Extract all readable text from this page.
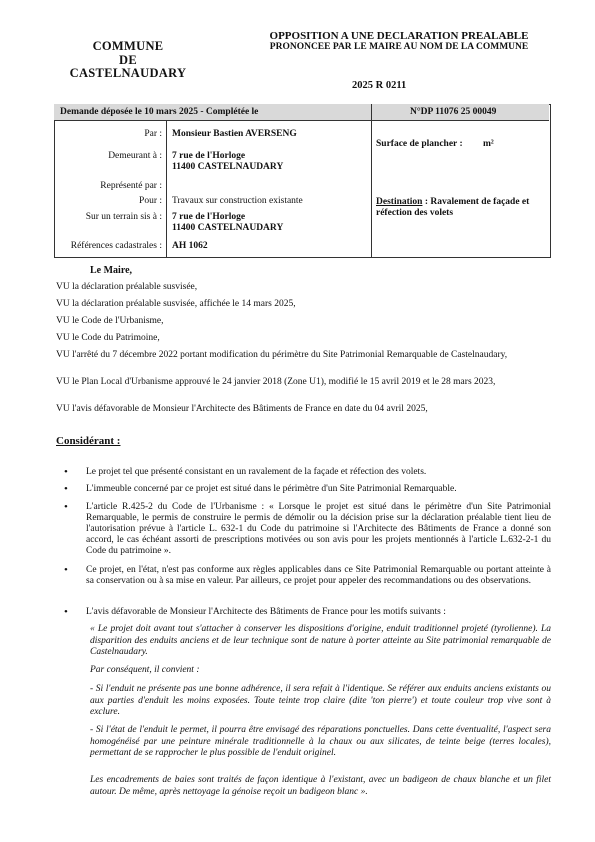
COMMUNE
DE
CASTELNAUDARY
OPPOSITION A UNE DECLARATION PREALABLE
PRONONCEE PAR LE MAIRE AU NOM DE LA COMMUNE
2025 R 0211
Demande déposée le 10 mars 2025 - Complétée le	N°DP 11076 25 00049
Par : Monsieur Bastien AVERSENG
Demeurant à : 7 rue de l'Horloge
11400 CASTELNAUDARY
Représenté par :
Pour : Travaux sur construction existante
Sur un terrain sis à : 7 rue de l'Horloge
11400 CASTELNAUDARY
Références cadastrales : AH 1062
Surface de plancher : m²
Destination : Ravalement de façade et réfection des volets
Le Maire,
VU la déclaration préalable susvisée,
VU la déclaration préalable susvisée, affichée le 14 mars 2025,
VU le Code de l'Urbanisme,
VU le Code du Patrimoine,
VU l'arrêté du 7 décembre 2022 portant modification du périmètre du Site Patrimonial Remarquable de Castelnaudary,
VU le Plan Local d'Urbanisme approuvé le 24 janvier 2018 (Zone U1), modifié le 15 avril 2019 et le 28 mars 2023,
VU l'avis défavorable de Monsieur l'Architecte des Bâtiments de France en date du 04 avril 2025,
Considérant :
• Le projet tel que présenté consistant en un ravalement de la façade et réfection des volets.
• L'immeuble concerné par ce projet est situé dans le périmètre d'un Site Patrimonial Remarquable.
• L'article R.425-2 du Code de l'Urbanisme : « Lorsque le projet est situé dans le périmètre d'un Site Patrimonial Remarquable, le permis de construire le permis de démolir ou la décision prise sur la déclaration préalable tient lieu de l'autorisation prévue à l'article L. 632-1 du Code du patrimoine si l'Architecte des Bâtiments de France a donné son accord, le cas échéant assorti de prescriptions motivées ou son avis pour les projets mentionnés à l'article L.632-2-1 du Code du patrimoine ».
• Ce projet, en l'état, n'est pas conforme aux règles applicables dans ce Site Patrimonial Remarquable ou portant atteinte à sa conservation ou à sa mise en valeur. Par ailleurs, ce projet pour appeler des recommandations ou des observations.
• L'avis défavorable de Monsieur l'Architecte des Bâtiments de France pour les motifs suivants :
« Le projet doit avant tout s'attacher à conserver les dispositions d'origine, enduit traditionnel projeté (tyrolienne). La disparition des enduits anciens et de leur technique sont de nature à porter atteinte au Site patrimonial remarquable de Castelnaudary.
Par conséquent, il convient :
- Si l'enduit ne présente pas une bonne adhérence, il sera refait à l'identique. Se référer aux enduits anciens existants ou aux parties d'enduit les moins exposées. Toute teinte trop claire (dite 'ton pierre') et toute couleur trop vive sont à exclure.
- Si l'état de l'enduit le permet, il pourra être envisagé des réparations ponctuelles. Dans cette éventualité, l'aspect sera homogénéisé par une peinture minérale traditionnelle à la chaux ou aux silicates, de teinte beige (terres locales), permettant de se rapprocher le plus possible de l'enduit originel.
Les encadrements de baies sont traités de façon identique à l'existant, avec un badigeon de chaux blanche et un filet autour. De même, après nettoyage la génoise reçoit un badigeon blanc ».
